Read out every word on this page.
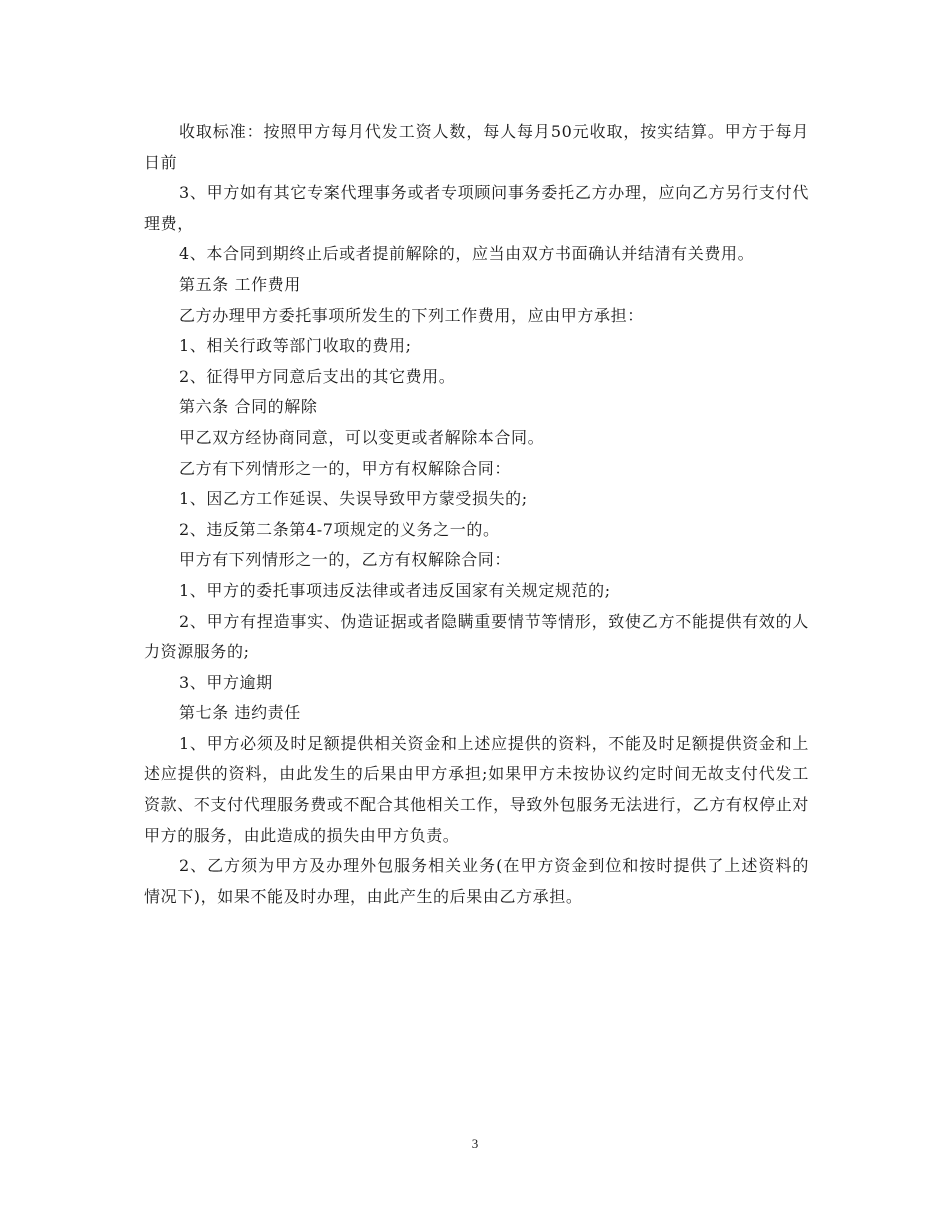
收取标准：按照甲方每月代发工资人数，每人每月50元收取，按实结算。甲方于每月 日前

3、甲方如有其它专案代理事务或者专项顾问事务委托乙方办理，应向乙方另行支付代理费，

4、本合同到期终止后或者提前解除的，应当由双方书面确认并结清有关费用。

第五条 工作费用

乙方办理甲方委托事项所发生的下列工作费用，应由甲方承担：

1、相关行政等部门收取的费用;

2、征得甲方同意后支出的其它费用。

第六条 合同的解除

甲乙双方经协商同意，可以变更或者解除本合同。

乙方有下列情形之一的，甲方有权解除合同：

1、因乙方工作延误、失误导致甲方蒙受损失的;

2、违反第二条第4-7项规定的义务之一的。

甲方有下列情形之一的，乙方有权解除合同：

1、甲方的委托事项违反法律或者违反国家有关规定规范的;

2、甲方有捏造事实、伪造证据或者隐瞒重要情节等情形，致使乙方不能提供有效的人力资源服务的;

3、甲方逾期

第七条 违约责任

1、甲方必须及时足额提供相关资金和上述应提供的资料，不能及时足额提供资金和上述应提供的资料，由此发生的后果由甲方承担;如果甲方未按协议约定时间无故支付代发工资款、不支付代理服务费或不配合其他相关工作，导致外包服务无法进行，乙方有权停止对甲方的服务，由此造成的损失由甲方负责。

2、乙方须为甲方及办理外包服务相关业务(在甲方资金到位和按时提供了上述资料的情况下)，如果不能及时办理，由此产生的后果由乙方承担。

3
